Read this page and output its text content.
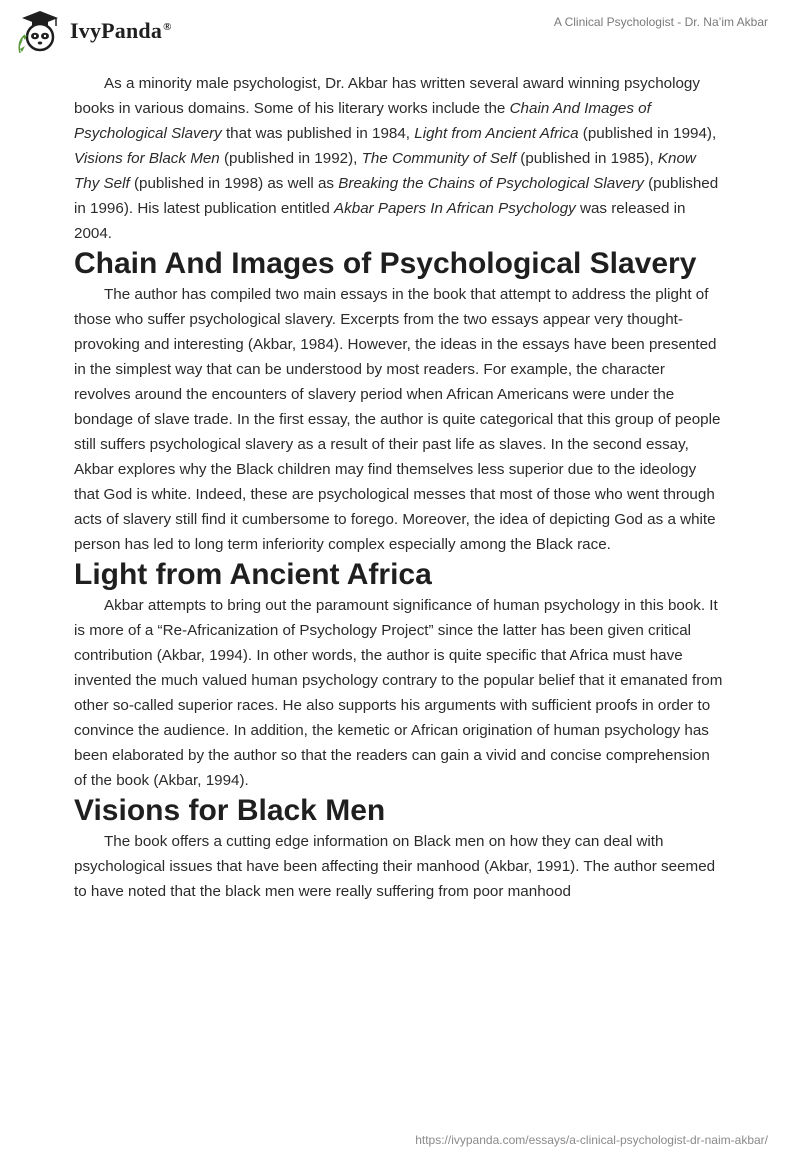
IvyPanda®	A Clinical Psychologist - Dr. Na’im Akbar

As a minority male psychologist, Dr. Akbar has written several award winning psychology books in various domains. Some of his literary works include the Chain And Images of Psychological Slavery that was published in 1984, Light from Ancient Africa (published in 1994), Visions for Black Men (published in 1992), The Community of Self (published in 1985), Know Thy Self (published in 1998) as well as Breaking the Chains of Psychological Slavery (published in 1996). His latest publication entitled Akbar Papers In African Psychology was released in 2004.

Chain And Images of Psychological Slavery

The author has compiled two main essays in the book that attempt to address the plight of those who suffer psychological slavery. Excerpts from the two essays appear very thought-provoking and interesting (Akbar, 1984). However, the ideas in the essays have been presented in the simplest way that can be understood by most readers. For example, the character revolves around the encounters of slavery period when African Americans were under the bondage of slave trade. In the first essay, the author is quite categorical that this group of people still suffers psychological slavery as a result of their past life as slaves. In the second essay, Akbar explores why the Black children may find themselves less superior due to the ideology that God is white. Indeed, these are psychological messes that most of those who went through acts of slavery still find it cumbersome to forego. Moreover, the idea of depicting God as a white person has led to long term inferiority complex especially among the Black race.

Light from Ancient Africa

Akbar attempts to bring out the paramount significance of human psychology in this book. It is more of a “Re-Africanization of Psychology Project” since the latter has been given critical contribution (Akbar, 1994). In other words, the author is quite specific that Africa must have invented the much valued human psychology contrary to the popular belief that it emanated from other so-called superior races. He also supports his arguments with sufficient proofs in order to convince the audience. In addition, the kemetic or African origination of human psychology has been elaborated by the author so that the readers can gain a vivid and concise comprehension of the book (Akbar, 1994).

Visions for Black Men

The book offers a cutting edge information on Black men on how they can deal with psychological issues that have been affecting their manhood (Akbar, 1991). The author seemed to have noted that the black men were really suffering from poor manhood

https://ivypanda.com/essays/a-clinical-psychologist-dr-naim-akbar/
